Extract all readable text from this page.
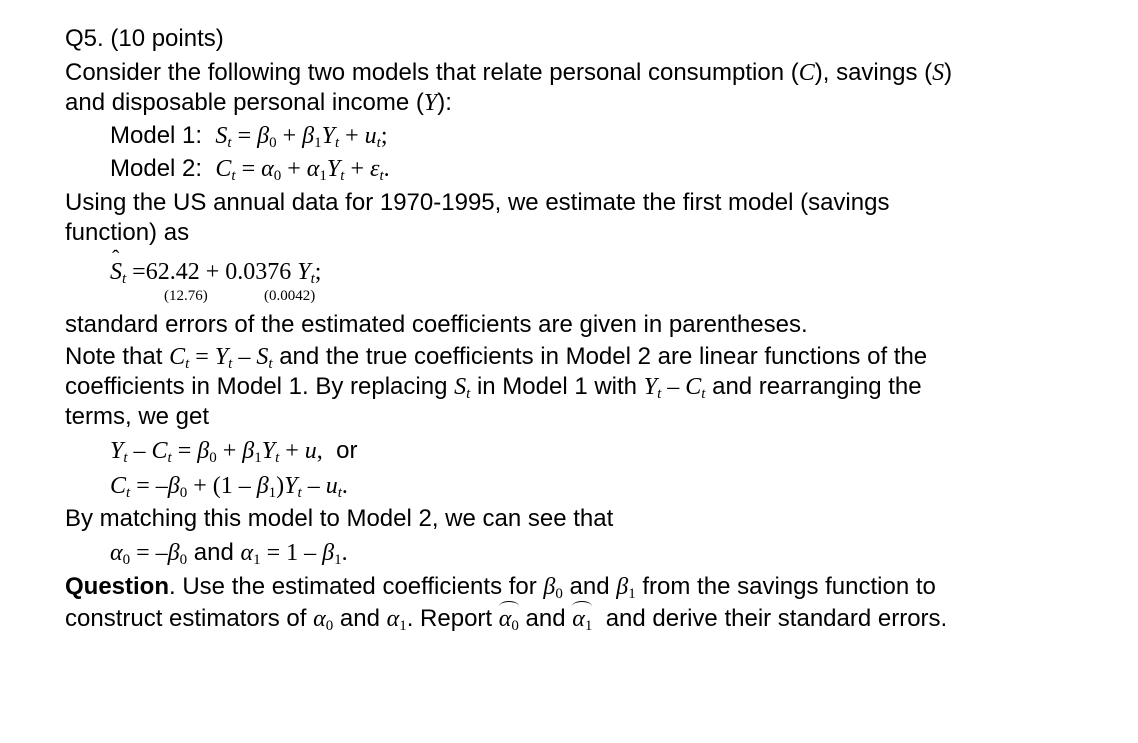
Q5. (10 points)
Consider the following two models that relate personal consumption (C), savings (S)
and disposable personal income (Y):
Model 1: $S_t = \beta 0 + \beta 1Y_t + u_t$;
Model 2: $C_t = \alpha 0 + \alpha 1Y_t + \varepsilon_t$.
Using the US annual data for 1970-1995, we estimate the first model (savings
function) as
ˆ $S_t =62.42 + 0.0376$ $Y_t$;
(12.76)	(0.0042)
standard errors of the estimated coefficients are given in parentheses.
Note that $C_t = Y_t - S_t$ and the true coefficients in Model 2 are linear functions of the
coefficients in Model 1. By replacing $S_t$ in Model 1 with $Y_t - C_t$ and rearranging the
terms, we get
$Y_t - C_t = \beta 0 + \beta 1Y_t + u$, or
$C_t = -\beta 0 + (1 - \beta 1)Y_t - u_t$.
By matching this model to Model 2, we can see that
α0 = –β0 and α1 = 1 – β1.
Question. Use the estimated coefficients for β0 and β1 from the savings function to
construct estimators of α0 and α1. Report α0 and α1 and derive their standard errors.
